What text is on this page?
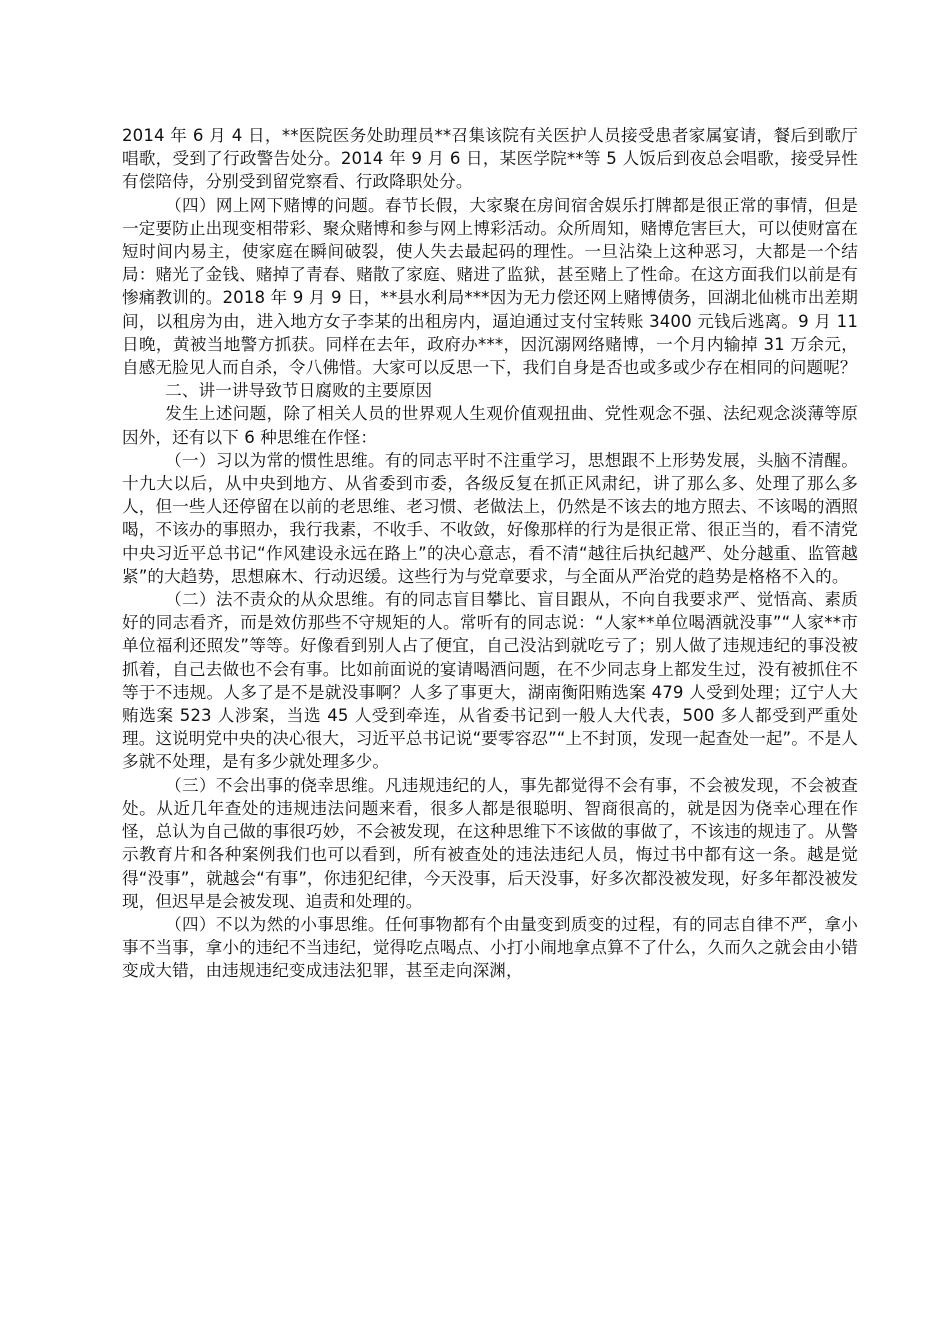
2014 年 6 月 4 日，**医院医务处助理员**召集该院有关医护人员接受患者家属宴请，餐后到歌厅唱歌，受到了行政警告处分。2014 年 9 月 6 日，某医学院**等 5 人饭后到夜总会唱歌，接受异性有偿陪侍，分别受到留党察看、行政降职处分。

（四）网上网下赌博的问题。春节长假，大家聚在房间宿舍娱乐打牌都是很正常的事情，但是一定要防止出现变相带彩、聚众赌博和参与网上博彩活动。众所周知，赌博危害巨大，可以使财富在短时间内易主，使家庭在瞬间破裂，使人失去最起码的理性。一旦沾染上这种恶习，大都是一个结局：赌光了金钱、赌掉了青春、赌散了家庭、赌进了监狱，甚至赌上了性命。在这方面我们以前是有惨痛教训的。2018 年 9 月 9 日，**县水利局***因为无力偿还网上赌博债务，回湖北仙桃市出差期间，以租房为由，进入地方女子李某的出租房内，逼迫通过支付宝转账 3400 元钱后逃离。9 月 11 日晚，黄被当地警方抓获。同样在去年，政府办***，因沉溺网络赌博，一个月内输掉 31 万余元，自感无脸见人而自杀，令八佛惜。大家可以反思一下，我们自身是否也或多或少存在相同的问题呢？

二、讲一讲导致节日腐败的主要原因

发生上述问题，除了相关人员的世界观人生观价值观扭曲、党性观念不强、法纪观念淡薄等原因外，还有以下 6 种思维在作怪：

（一）习以为常的惯性思维。有的同志平时不注重学习，思想跟不上形势发展，头脑不清醒。十九大以后，从中央到地方、从省委到市委，各级反复在抓正风肃纪，讲了那么多、处理了那么多人，但一些人还停留在以前的老思维、老习惯、老做法上，仍然是不该去的地方照去、不该喝的酒照喝，不该办的事照办，我行我素，不收手、不收敛，好像那样的行为是很正常、很正当的，看不清党中央习近平总书记“作风建设永远在路上”的决心意志，看不清“越往后执纪越严、处分越重、监管越紧”的大趋势，思想麻木、行动迟缓。这些行为与党章要求，与全面从严治党的趋势是格格不入的。

（二）法不责众的从众思维。有的同志盲目攀比、盲目跟从，不向自我要求严、觉悟高、素质好的同志看齐，而是效仿那些不守规矩的人。常听有的同志说：“人家**单位喝酒就没事”“人家**市单位福利还照发”等等。好像看到别人占了便宜，自己没沾到就吃亏了；别人做了违规违纪的事没被抓着，自己去做也不会有事。比如前面说的宴请喝酒问题，在不少同志身上都发生过，没有被抓住不等于不违规。人多了是不是就没事啊？人多了事更大，湖南衡阳贿选案 479 人受到处理；辽宁人大贿选案 523 人涉案，当选 45 人受到牵连，从省委书记到一般人大代表，500 多人都受到严重处理。这说明党中央的决心很大，习近平总书记说“要零容忍”“上不封顶，发现一起查处一起”。不是人多就不处理，是有多少就处理多少。

（三）不会出事的侥幸思维。凡违规违纪的人，事先都觉得不会有事，不会被发现，不会被查处。从近几年查处的违规违法问题来看，很多人都是很聪明、智商很高的，就是因为侥幸心理在作怪，总认为自己做的事很巧妙，不会被发现，在这种思维下不该做的事做了，不该违的规违了。从警示教育片和各种案例我们也可以看到，所有被查处的违法违纪人员，悔过书中都有这一条。越是觉得“没事”，就越会“有事”，你违犯纪律，今天没事，后天没事，好多次都没被发现，好多年都没被发现，但迟早是会被发现、追责和处理的。

（四）不以为然的小事思维。任何事物都有个由量变到质变的过程，有的同志自律不严，拿小事不当事，拿小的违纪不当违纪，觉得吃点喝点、小打小闹地拿点算不了什么，久而久之就会由小错变成大错，由违规违纪变成违法犯罪，甚至走向深渊，
